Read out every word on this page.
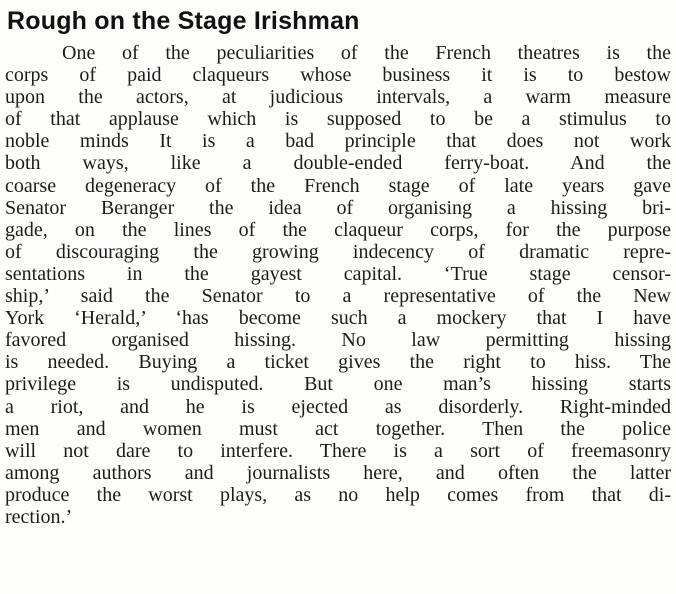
Rough on the Stage Irishman
One of the peculiarities of the French theatres is the
corps of paid claqueurs whose business it is to bestow
upon the actors, at judicious intervals, a warm measure
of that applause which is supposed to be a stimulus to
noble minds It is a bad principle that does not work
both ways, like a double-ended ferry-boat. And the
coarse degeneracy of the French stage of late years gave
Senator Beranger the idea of organising a hissing bri-
gade, on the lines of the claqueur corps, for the purpose
of discouraging the growing indecency of dramatic repre-
sentations in the gayest capital. ‘True stage censor-
ship,’ said the Senator to a representative of the New
York ‘Herald,’ ‘has become such a mockery that I have
favored organised hissing. No law permitting hissing
is needed. Buying a ticket gives the right to hiss. The
privilege is undisputed. But one man’s hissing starts
a riot, and he is ejected as disorderly. Right-minded
men and women must act together. Then the police
will not dare to interfere. There is a sort of freemasonry
among authors and journalists here, and often the latter
produce the worst plays, as no help comes from that di-
rection.’
